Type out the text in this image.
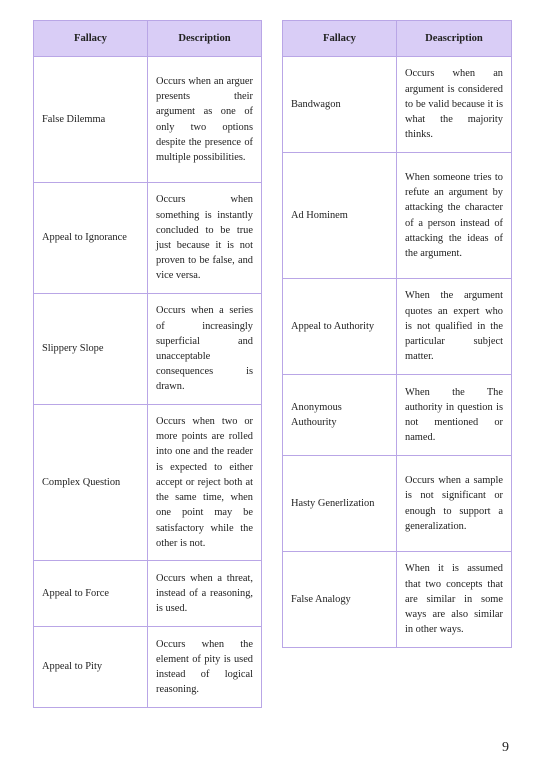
Fallacy	Description
False Dilemma	Occurs when an arguer presents their argument as one of only two options despite the presence of multiple possibilities.
Appeal to Ignorance	Occurs when something is instantly concluded to be true just because it is not proven to be false, and vice versa.
Slippery Slope	Occurs when a series of increasingly superficial and unacceptable consequences is drawn.
Complex Question	Occurs when two or more points are rolled into one and the reader is expected to either accept or reject both at the same time, when one point may be satisfactory while the other is not.
Appeal to Force	Occurs when a threat, instead of a reasoning, is used.
Appeal to Pity	Occurs when the element of pity is used instead of logical reasoning.
Fallacy	Deascription
Bandwagon	Occurs when an argument is considered to be valid because it is what the majority thinks.
Ad Hominem	When someone tries to refute an argument by attacking the character of a person instead of attacking the ideas of the argument.
Appeal to Authority	When the argument quotes an expert who is not qualified in the particular subject matter.
Anonymous Authourity	When the The authority in question is not mentioned or named.
Hasty Generlization	Occurs when a sample is not significant or enough to support a generalization.
False Analogy	When it is assumed that two concepts that are similar in some ways are also similar in other ways.
9
